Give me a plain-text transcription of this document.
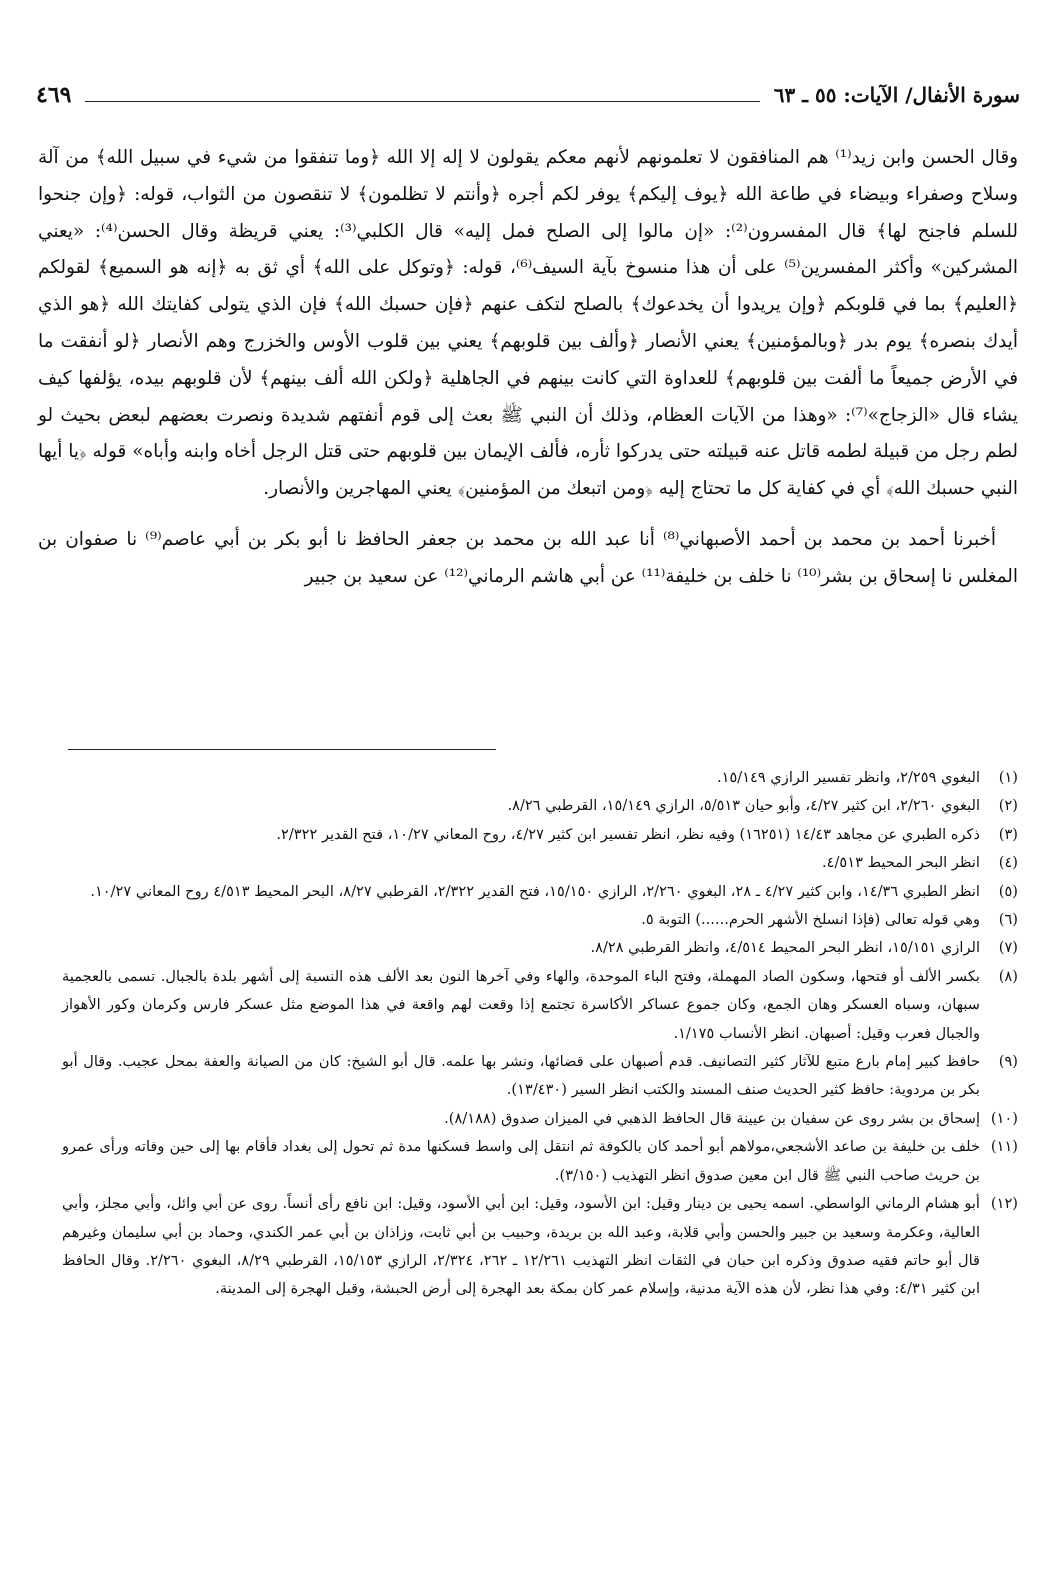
سورة الأنفال/ الآيات: ٥٥ ـ ٦٣
٤٦٩

وقال الحسن وابن زيد⁽¹⁾ هم المنافقون لا تعلمونهم لأنهم معكم يقولون لا إله إلا الله ﴿وما تنفقوا من شيء في سبيل الله﴾ من آلة وسلاح وصفراء وبيضاء في طاعة الله ﴿يوف إليكم﴾ يوفر لكم أجره ﴿وأنتم لا تظلمون﴾ لا تنقصون من الثواب، قوله: ﴿وإن جنحوا للسلم فاجنح لها﴾ قال المفسرون⁽²⁾: «إن مالوا إلى الصلح فمل إليه» قال الكلبي⁽³⁾: يعني قريظة وقال الحسن⁽⁴⁾: «يعني المشركين» وأكثر المفسرين⁽⁵⁾ على أن هذا منسوخ بآية السيف⁽⁶⁾، قوله: ﴿وتوكل على الله﴾ أي ثق به ﴿إنه هو السميع﴾ لقولكم ﴿العليم﴾ بما في قلوبكم ﴿وإن يريدوا أن يخدعوك﴾ بالصلح لتكف عنهم ﴿فإن حسبك الله﴾ فإن الذي يتولى كفايتك الله ﴿هو الذي أيدك بنصره﴾ يوم بدر ﴿وبالمؤمنين﴾ يعني الأنصار ﴿وألف بين قلوبهم﴾ يعني بين قلوب الأوس والخزرج وهم الأنصار ﴿لو أنفقت ما في الأرض جميعاً ما ألفت بين قلوبهم﴾ للعداوة التي كانت بينهم في الجاهلية ﴿ولكن الله ألف بينهم﴾ لأن قلوبهم بيده، يؤلفها كيف يشاء قال «الزجاج»⁽⁷⁾: «وهذا من الآيات العظام، وذلك أن النبي ﷺ بعث إلى قوم أنفتهم شديدة ونصرت بعضهم لبعض بحيث لو لطم رجل من قبيلة لطمه قاتل عنه قبيلته حتى يدركوا ثأره، فألف الإيمان بين قلوبهم حتى قتل الرجل أخاه وابنه وأباه» قوله ﴿يا أيها النبي حسبك الله﴾ أي في كفاية كل ما تحتاج إليه ﴿ومن اتبعك من المؤمنين﴾ يعني المهاجرين والأنصار.

أخبرنا أحمد بن محمد بن أحمد الأصبهاني⁽⁸⁾ أنا عبد الله بن محمد بن جعفر الحافظ نا أبو بكر بن أبي عاصم⁽⁹⁾ نا صفوان بن المغلس نا إسحاق بن بشر⁽¹⁰⁾ نا خلف بن خليفة⁽¹¹⁾ عن أبي هاشم الرماني⁽¹²⁾ عن سعيد بن جبير

(١)
البغوي ٢/٢٥٩، وانظر تفسير الرازي ١٥/١٤٩.
(٢)
البغوي ٢/٢٦٠، ابن كثير ٤/٢٧، وأبو حيان ٥/٥١٣، الرازي ١٥/١٤٩، القرطبي ٨/٢٦.
(٣)
ذكره الطبري عن مجاهد ١٤/٤٣ (١٦٢٥١) وفيه نظر، انظر تفسير ابن كثير ٤/٢٧، روح المعاني ١٠/٢٧، فتح القدير ٢/٣٢٢.
(٤)
انظر البحر المحيط ٤/٥١٣.
(٥)
انظر الطبري ١٤/٣٦، وابن كثير ٤/٢٧ ـ ٢٨، البغوي ٢/٢٦٠، الرازي ١٥/١٥٠، فتح القدير ٢/٣٢٢، القرطبي ٨/٢٧، البحر المحيط ٤/٥١٣ روح المعاني ١٠/٢٧.
(٦)
وهي قوله تعالى (فإذا انسلخ الأشهر الحرم......) التوبة ٥.
(٧)
الرازي ١٥/١٥١، انظر البحر المحيط ٤/٥١٤، وانظر القرطبي ٨/٢٨.
(٨)
بكسر الألف أو فتحها، وسكون الصاد المهملة، وفتح الباء الموحدة، والهاء وفي آخرها النون بعد الألف هذه النسبة إلى أشهر بلدة بالجبال. تسمى بالعجمية سبهان، وسباه العسكر وهان الجمع، وكان جموع عساكر الأكاسرة تجتمع إذا وقعت لهم واقعة في هذا الموضع مثل عسكر فارس وكرمان وكور الأهواز والجبال فعرب وقيل: أصبهان. انظر الأنساب ١/١٧٥.
(٩)
حافظ كبير إمام بارع متبع للآثار كثير التصانيف. قدم أصبهان على قضائها، ونشر بها علمه. قال أبو الشيخ: كان من الصيانة والعفة بمحل عجيب. وقال أبو بكر بن مردوية: حافظ كثير الحديث صنف المسند والكتب انظر السير (١٣/٤٣٠).
(١٠)
إسحاق بن بشر روى عن سفيان بن عيينة قال الحافظ الذهبي في الميزان صدوق (٨/١٨٨).
(١١)
خلف بن خليفة بن صاعد الأشجعي،مولاهم أبو أحمد كان بالكوفة ثم انتقل إلى واسط فسكنها مدة ثم تحول إلى بغداد فأقام بها إلى حين وفاته ورأى عمرو بن حريث صاحب النبي ﷺ قال ابن معين صدوق انظر التهذيب (٣/١٥٠).
(١٢)
أبو هشام الرماني الواسطي. اسمه يحيى بن دينار وقيل: ابن الأسود، وقيل: ابن أبي الأسود، وقيل: ابن نافع رأى أنساً. روى عن أبي وائل، وأبي مجلز، وأبي العالية، وعكرمة وسعيد بن جبير والحسن وأبي قلابة، وعبد الله بن بريدة، وحبيب بن أبي ثابت، وزاذان بن أبي عمر الكندي، وحماد بن أبي سليمان وغيرهم قال أبو حاتم فقيه صدوق وذكره ابن حبان في الثقات انظر التهذيب ١٢/٢٦١ ـ ٢٦٢، ٢/٣٢٤، الرازي ١٥/١٥٣، القرطبي ٨/٢٩، البغوي ٢/٢٦٠. وقال الحافظ ابن كثير ٤/٣١: وفي هذا نظر، لأن هذه الآية مدنية، وإسلام عمر كان بمكة بعد الهجرة إلى أرض الحبشة، وقبل الهجرة إلى المدينة.
